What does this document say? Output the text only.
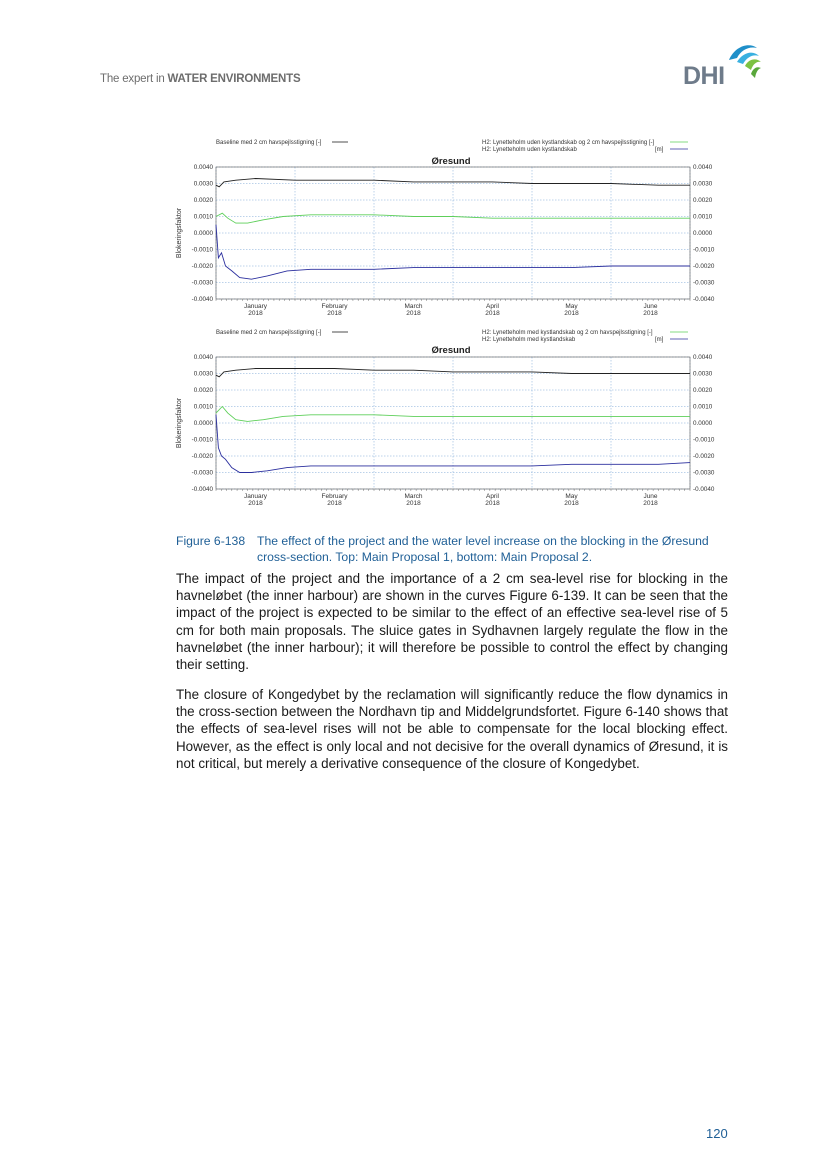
The expert in WATER ENVIRONMENTS	DHI
Baseline med 2 cm havspejlsstigning [-]	H2: Lynetteholm uden kystlandskab og 2 cm havspejlsstigning [-]
H2: Lynetteholm uden kystlandskab	[m]
Øresund
0.0040	0.0040
0.0030	0.0030
0.0020	0.0020
0.0010	0.0010
0.0000	0.0000
-0.0010	-0.0010
-0.0020	-0.0020
-0.0030	-0.0030
-0.0040	-0.0040
January
2018
February
2018
March
2018
April
2018
May
2018
June
2018
Blokeringsfaktor
Baseline med 2 cm havspejlsstigning [-]	H2: Lynetteholm med kystlandskab og 2 cm havspejlsstigning [-]
H2: Lynetteholm med kystlandskab	[m]
Øresund
0.0040	0.0040
0.0030	0.0030
0.0020	0.0020
0.0010	0.0010
0.0000	0.0000
-0.0010	-0.0010
-0.0020	-0.0020
-0.0030	-0.0030
-0.0040	-0.0040
January
2018
February
2018
March
2018
April
2018
May
2018
June
2018
Blokeringsfaktor
Figure 6-138 The effect of the project and the water level increase on the blocking in the Øresund cross-section. Top: Main Proposal 1, bottom: Main Proposal 2.

The impact of the project and the importance of a 2 cm sea-level rise for blocking in the havneløbet (the inner harbour) are shown in the curves Figure 6-139. It can be seen that the impact of the project is expected to be similar to the effect of an effective sea-level rise of 5 cm for both main proposals. The sluice gates in Sydhavnen largely regulate the flow in the havneløbet (the inner harbour); it will therefore be possible to control the effect by changing their setting.

The closure of Kongedybet by the reclamation will significantly reduce the flow dynamics in the cross-section between the Nordhavn tip and Middelgrundsfortet. Figure 6-140 shows that the effects of sea-level rises will not be able to compensate for the local blocking effect. However, as the effect is only local and not decisive for the overall dynamics of Øresund, it is not critical, but merely a derivative consequence of the closure of Kongedybet.

120
